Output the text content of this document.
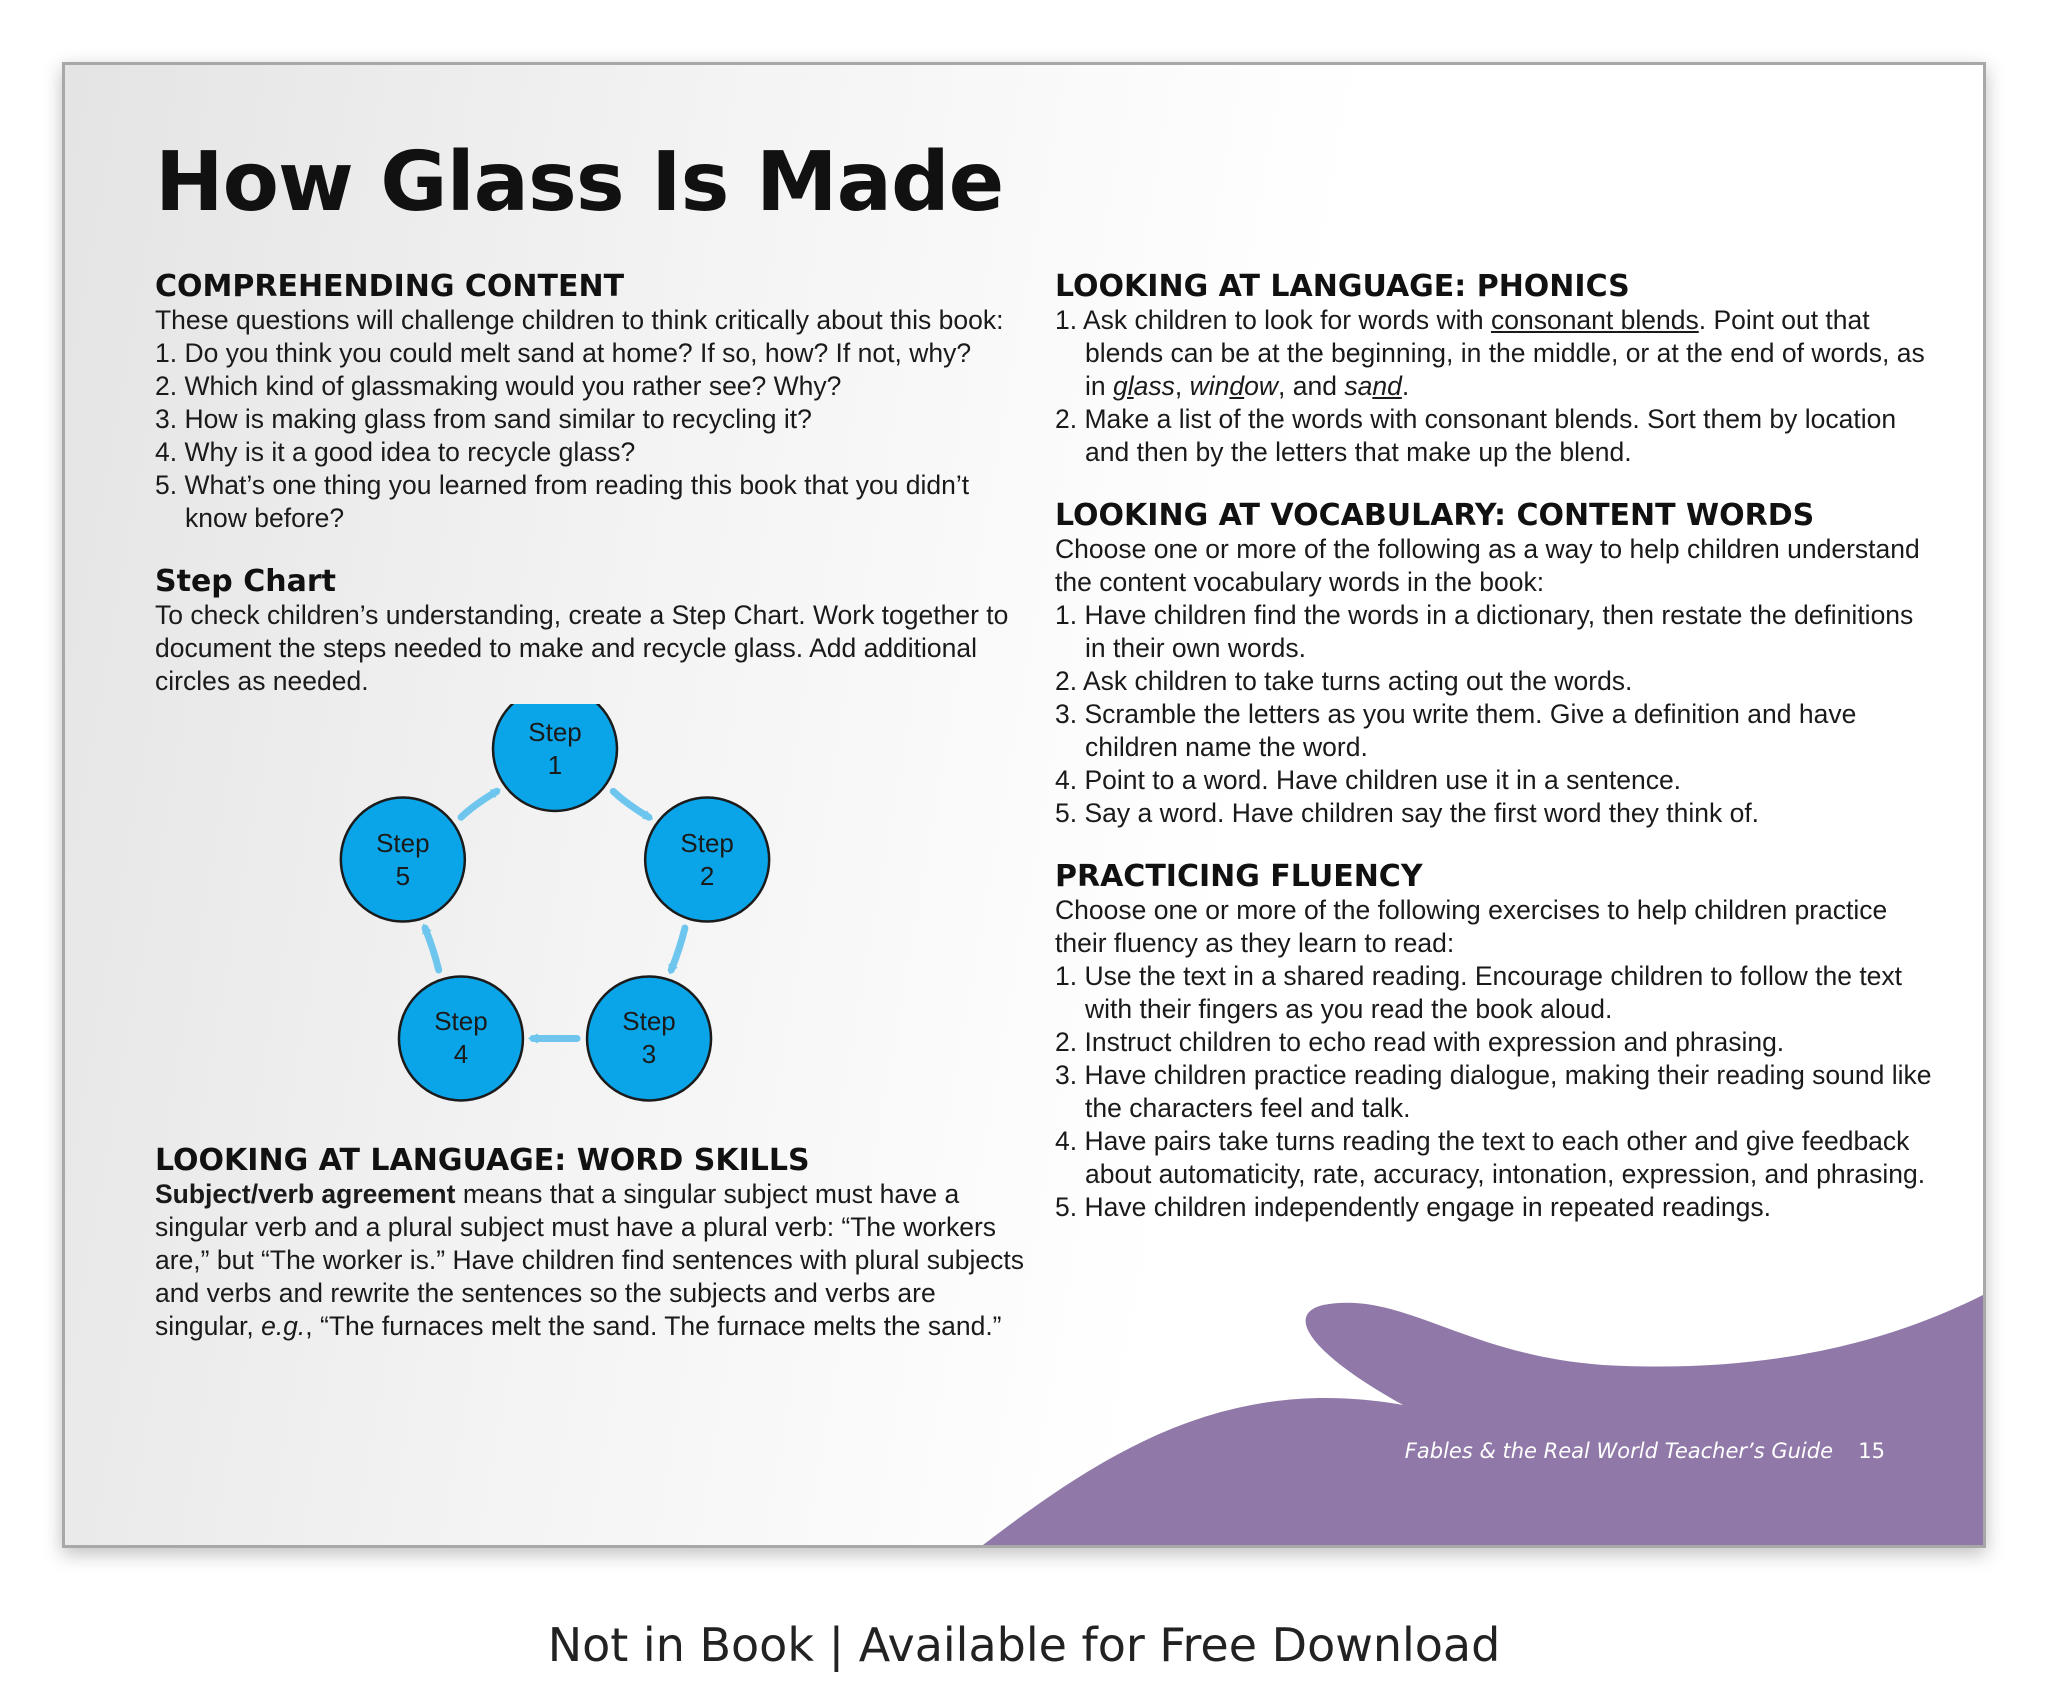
How Glass Is Made
COMPREHENDING CONTENT
These questions will challenge children to think critically about this book:
1. Do you think you could melt sand at home? If so, how? If not, why?
2. Which kind of glassmaking would you rather see? Why?
3. How is making glass from sand similar to recycling it?
4. Why is it a good idea to recycle glass?
5. What’s one thing you learned from reading this book that you didn’t know before?
Step Chart
To check children’s understanding, create a Step Chart. Work together to document the steps needed to make and recycle glass. Add additional circles as needed.
Step
1
Step
2
Step
3
Step
4
Step
5
LOOKING AT LANGUAGE: WORD SKILLS
Subject/verb agreement means that a singular subject must have a singular verb and a plural subject must have a plural verb: “The workers are,” but “The worker is.” Have children find sentences with plural subjects and verbs and rewrite the sentences so the subjects and verbs are singular, e.g., “The furnaces melt the sand. The furnace melts the sand.”
LOOKING AT LANGUAGE: PHONICS
1. Ask children to look for words with consonant blends. Point out that blends can be at the beginning, in the middle, or at the end of words, as in glass, window, and sand.
2. Make a list of the words with consonant blends. Sort them by location and then by the letters that make up the blend.
LOOKING AT VOCABULARY: CONTENT WORDS
Choose one or more of the following as a way to help children understand the content vocabulary words in the book:
1. Have children find the words in a dictionary, then restate the definitions in their own words.
2. Ask children to take turns acting out the words.
3. Scramble the letters as you write them. Give a definition and have children name the word.
4. Point to a word. Have children use it in a sentence.
5. Say a word. Have children say the first word they think of.
PRACTICING FLUENCY
Choose one or more of the following exercises to help children practice their fluency as they learn to read:
1. Use the text in a shared reading. Encourage children to follow the text with their fingers as you read the book aloud.
2. Instruct children to echo read with expression and phrasing.
3. Have children practice reading dialogue, making their reading sound like the characters feel and talk.
4. Have pairs take turns reading the text to each other and give feedback about automaticity, rate, accuracy, intonation, expression, and phrasing.
5. Have children independently engage in repeated readings.
Fables & the Real World Teacher’s Guide 15
Not in Book | Available for Free Download
